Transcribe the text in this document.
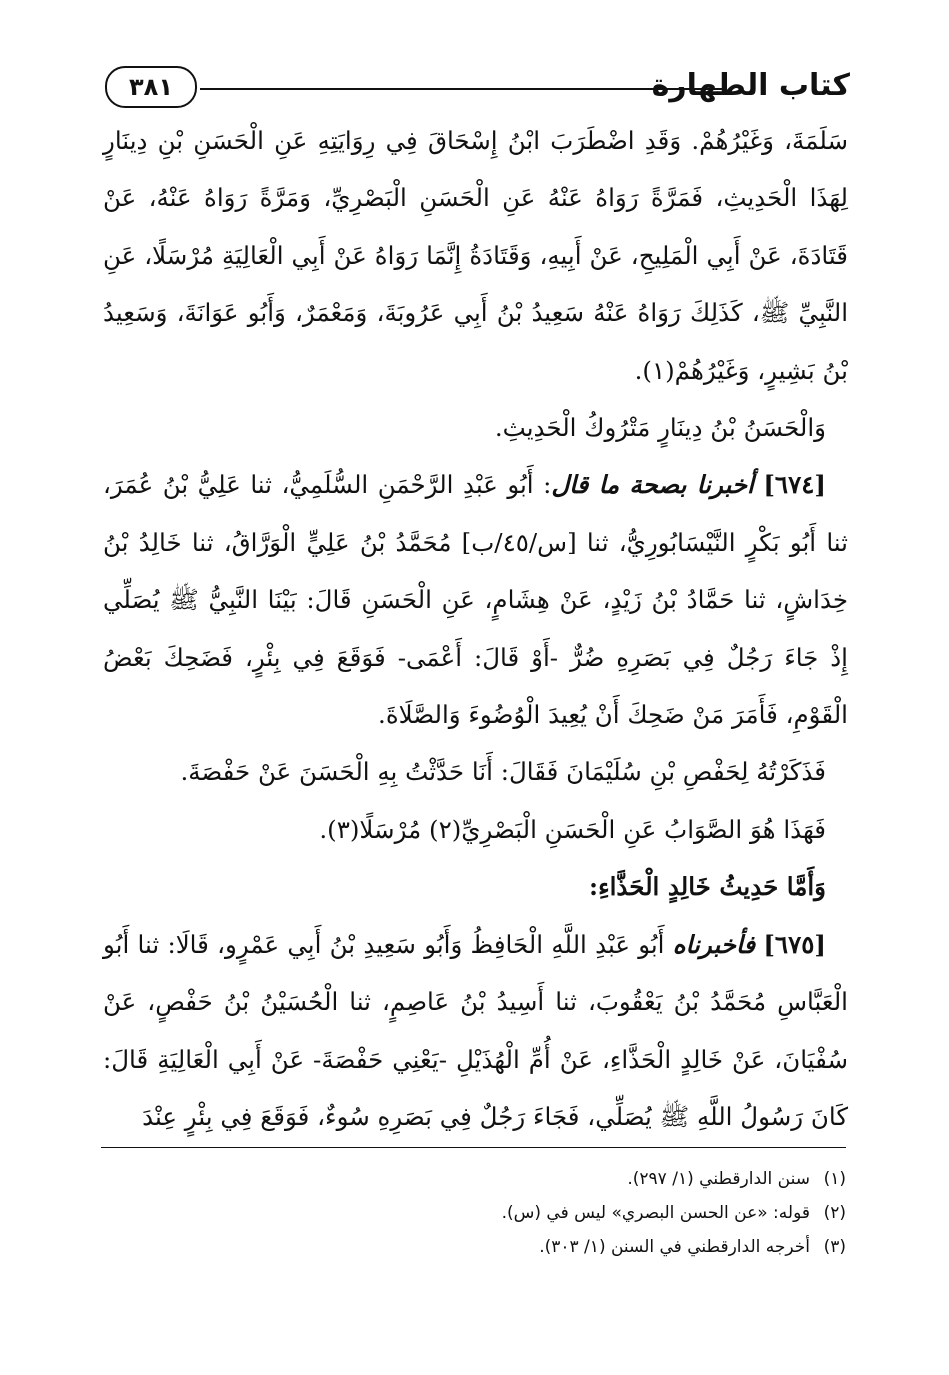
كتاب الطهارة
٣٨١

سَلَمَةَ، وَغَيْرُهُمْ. وَقَدِ اضْطَرَبَ ابْنُ إِسْحَاقَ فِي رِوَايَتِهِ عَنِ الْحَسَنِ بْنِ دِينَارٍ لِهَذَا الْحَدِيثِ، فَمَرَّةً رَوَاهُ عَنْهُ عَنِ الْحَسَنِ الْبَصْرِيِّ، وَمَرَّةً رَوَاهُ عَنْهُ، عَنْ قَتَادَةَ، عَنْ أَبِي الْمَلِيحِ، عَنْ أَبِيهِ، وَقَتَادَةُ إِنَّمَا رَوَاهُ عَنْ أَبِي الْعَالِيَةِ مُرْسَلًا، عَنِ النَّبِيِّ ﷺ، كَذَلِكَ رَوَاهُ عَنْهُ سَعِيدُ بْنُ أَبِي عَرُوبَةَ، وَمَعْمَرٌ، وَأَبُو عَوَانَةَ، وَسَعِيدُ بْنُ بَشِيرٍ، وَغَيْرُهُمْ(١).

وَالْحَسَنُ بْنُ دِينَارٍ مَتْرُوكُ الْحَدِيثِ.

[٦٧٤] أخبرنا بصحة ما قال: أَبُو عَبْدِ الرَّحْمَنِ السُّلَمِيُّ، ثنا عَلِيُّ بْنُ عُمَرَ، ثنا أَبُو بَكْرٍ النَّيْسَابُورِيُّ، ثنا [س/٤٥/ب] مُحَمَّدُ بْنُ عَلِيٍّ الْوَرَّاقُ، ثنا خَالِدُ بْنُ خِدَاشٍ، ثنا حَمَّادُ بْنُ زَيْدٍ، عَنْ هِشَامٍ، عَنِ الْحَسَنِ قَالَ: بَيْنَا النَّبِيُّ ﷺ يُصَلِّي إِذْ جَاءَ رَجُلٌ فِي بَصَرِهِ ضُرٌّ -أَوْ قَالَ: أَعْمَى- فَوَقَعَ فِي بِئْرٍ، فَضَحِكَ بَعْضُ الْقَوْمِ، فَأَمَرَ مَنْ ضَحِكَ أَنْ يُعِيدَ الْوُضُوءَ وَالصَّلَاةَ.

فَذَكَرْتُهُ لِحَفْصِ بْنِ سُلَيْمَانَ فَقَالَ: أَنَا حَدَّثْتُ بِهِ الْحَسَنَ عَنْ حَفْصَةَ.

فَهَذَا هُوَ الصَّوَابُ عَنِ الْحَسَنِ الْبَصْرِيِّ(٢) مُرْسَلًا(٣).

وَأَمَّا حَدِيثُ خَالِدٍ الْحَذَّاءِ:

[٦٧٥] فأخبرناه أَبُو عَبْدِ اللَّهِ الْحَافِظُ وَأَبُو سَعِيدِ بْنُ أَبِي عَمْرٍو، قَالَا: ثنا أَبُو الْعَبَّاسِ مُحَمَّدُ بْنُ يَعْقُوبَ، ثنا أَسِيدُ بْنُ عَاصِمٍ، ثنا الْحُسَيْنُ بْنُ حَفْصٍ، عَنْ سُفْيَانَ، عَنْ خَالِدٍ الْحَذَّاءِ، عَنْ أُمِّ الْهُذَيْلِ -يَعْنِي حَفْصَةَ- عَنْ أَبِي الْعَالِيَةِ قَالَ: كَانَ رَسُولُ اللَّهِ ﷺ يُصَلِّي، فَجَاءَ رَجُلٌ فِي بَصَرِهِ سُوءٌ، فَوَقَعَ فِي بِئْرٍ عِنْدَ

(١)سنن الدارقطني (١/ ٢٩٧).
(٢)قوله: «عن الحسن البصري» ليس في (س).
(٣)أخرجه الدارقطني في السنن (١/ ٣٠٣).
